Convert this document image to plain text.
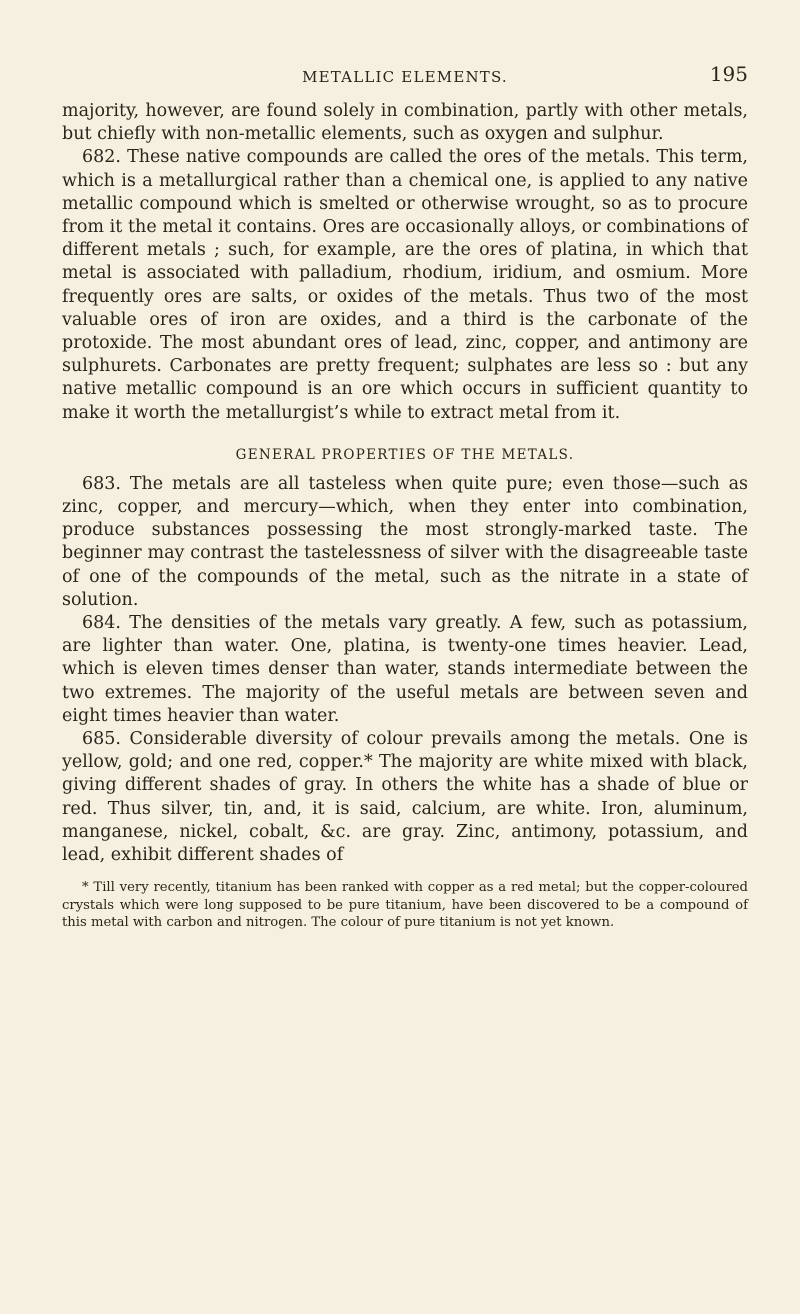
METALLIC ELEMENTS.	195

majority, however, are found solely in combination, partly with other metals, but chiefly with non-metallic elements, such as oxygen and sulphur.

682. These native compounds are called the ores of the metals. This term, which is a metallurgical rather than a chemical one, is applied to any native metallic compound which is smelted or otherwise wrought, so as to procure from it the metal it contains. Ores are occasionally alloys, or combinations of different metals ; such, for example, are the ores of platina, in which that metal is associated with palladium, rhodium, iridium, and osmium. More frequently ores are salts, or oxides of the metals. Thus two of the most valuable ores of iron are oxides, and a third is the carbonate of the protoxide. The most abundant ores of lead, zinc, copper, and antimony are sulphurets. Carbonates are pretty frequent; sulphates are less so : but any native metallic compound is an ore which occurs in sufficient quantity to make it worth the metallurgist’s while to extract metal from it.

GENERAL PROPERTIES OF THE METALS.

683. The metals are all tasteless when quite pure; even those—such as zinc, copper, and mercury—which, when they enter into combination, produce substances possessing the most strongly-marked taste. The beginner may contrast the tastelessness of silver with the disagreeable taste of one of the compounds of the metal, such as the nitrate in a state of solution.

684. The densities of the metals vary greatly. A few, such as potassium, are lighter than water. One, platina, is twenty-one times heavier. Lead, which is eleven times denser than water, stands intermediate between the two extremes. The majority of the useful metals are between seven and eight times heavier than water.

685. Considerable diversity of colour prevails among the metals. One is yellow, gold; and one red, copper.* The majority are white mixed with black, giving different shades of gray. In others the white has a shade of blue or red. Thus silver, tin, and, it is said, calcium, are white. Iron, aluminum, manganese, nickel, cobalt, &c. are gray. Zinc, antimony, potassium, and lead, exhibit different shades of

* Till very recently, titanium has been ranked with copper as a red metal; but the copper-coloured crystals which were long supposed to be pure titanium, have been discovered to be a compound of this metal with carbon and nitrogen. The colour of pure titanium is not yet known.
